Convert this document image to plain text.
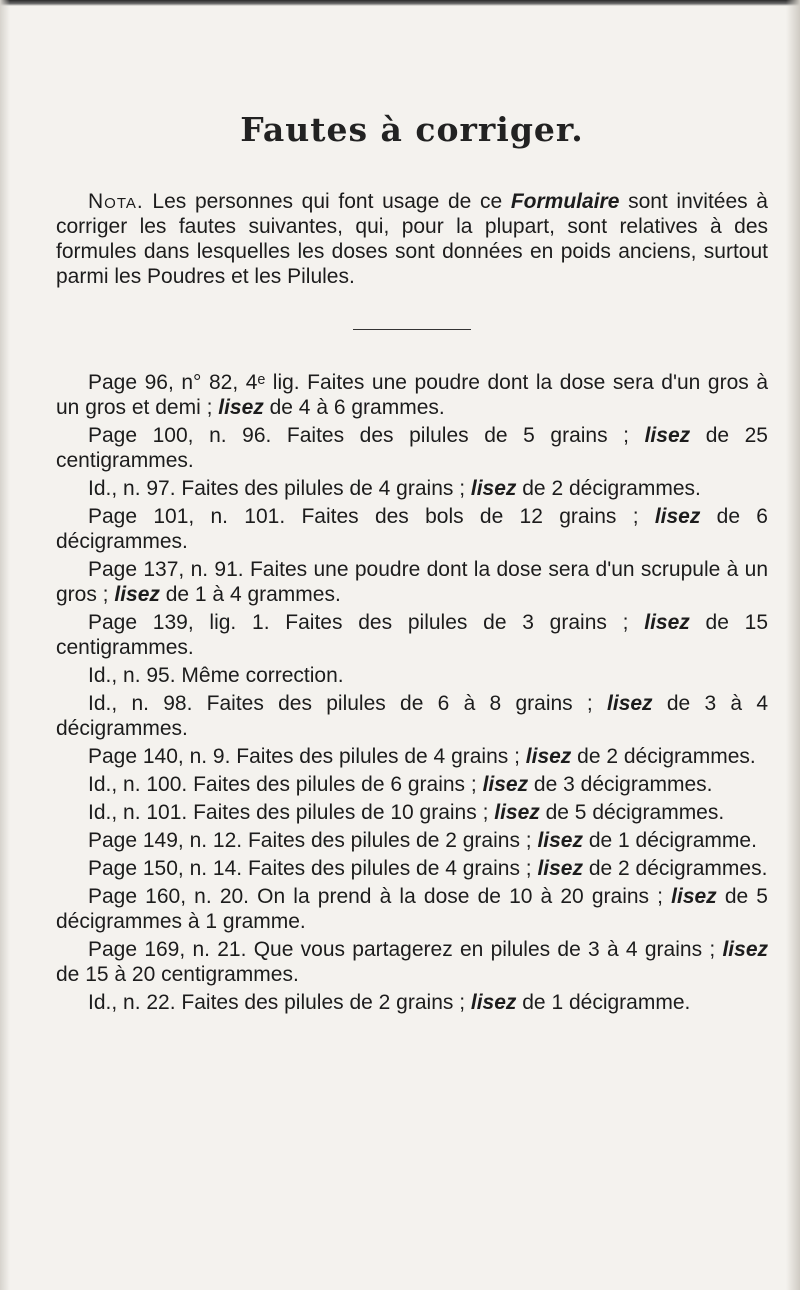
Fautes à corriger.

Nota. Les personnes qui font usage de ce Formulaire sont invitées à corriger les fautes suivantes, qui, pour la plupart, sont relatives à des formules dans lesquelles les doses sont données en poids anciens, surtout parmi les Poudres et les Pilules.

Page 96, n° 82, 4ᵉ lig. Faites une poudre dont la dose sera d'un gros à un gros et demi ; lisez de 4 à 6 grammes.

Page 100, n. 96. Faites des pilules de 5 grains ; lisez de 25 centigrammes.

Id., n. 97. Faites des pilules de 4 grains ; lisez de 2 décigrammes.

Page 101, n. 101. Faites des bols de 12 grains ; lisez de 6 décigrammes.

Page 137, n. 91. Faites une poudre dont la dose sera d'un scrupule à un gros ; lisez de 1 à 4 grammes.

Page 139, lig. 1. Faites des pilules de 3 grains ; lisez de 15 centigrammes.

Id., n. 95. Même correction.

Id., n. 98. Faites des pilules de 6 à 8 grains ; lisez de 3 à 4 décigrammes.

Page 140, n. 9. Faites des pilules de 4 grains ; lisez de 2 décigrammes.

Id., n. 100. Faites des pilules de 6 grains ; lisez de 3 décigrammes.

Id., n. 101. Faites des pilules de 10 grains ; lisez de 5 décigrammes.

Page 149, n. 12. Faites des pilules de 2 grains ; lisez de 1 décigramme.

Page 150, n. 14. Faites des pilules de 4 grains ; lisez de 2 décigrammes.

Page 160, n. 20. On la prend à la dose de 10 à 20 grains ; lisez de 5 décigrammes à 1 gramme.

Page 169, n. 21. Que vous partagerez en pilules de 3 à 4 grains ; lisez de 15 à 20 centigrammes.

Id., n. 22. Faites des pilules de 2 grains ; lisez de 1 décigramme.
